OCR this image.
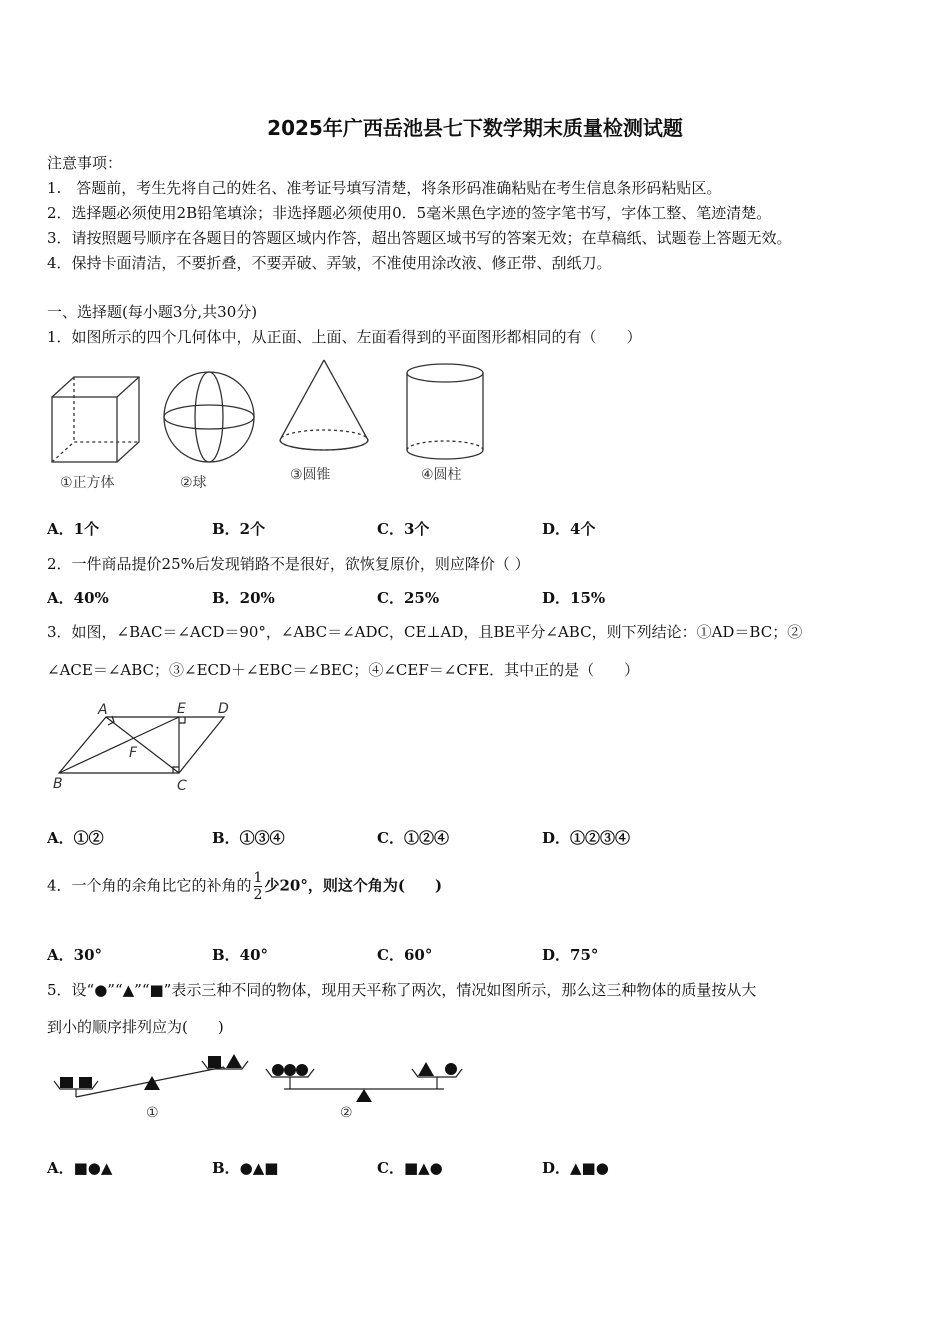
2025年广西岳池县七下数学期末质量检测试题
注意事项：
1.　答题前，考生先将自己的姓名、准考证号填写清楚，将条形码准确粘贴在考生信息条形码粘贴区。
2．选择题必须使用2B铅笔填涂；非选择题必须使用0．5毫米黑色字迹的签字笔书写，字体工整、笔迹清楚。
3．请按照题号顺序在各题目的答题区域内作答，超出答题区域书写的答案无效；在草稿纸、试题卷上答题无效。
4．保持卡面清洁，不要折叠，不要弄破、弄皱，不准使用涂改液、修正带、刮纸刀。
一、选择题(每小题3分,共30分)
1．如图所示的四个几何体中，从正面、上面、左面看得到的平面图形都相同的有（　　）
①正方体	②球	③圆锥	④圆柱
A．1个	B．2个	C．3个	D．4个
2．一件商品提价25%后发现销路不是很好，欲恢复原价，则应降价（ ）
A．40%	B．20%	C．25%	D．15%
3．如图，∠BAC＝∠ACD＝90°，∠ABC＝∠ADC，CE⊥AD，且BE平分∠ABC，则下列结论：①AD＝BC；②
∠ACE＝∠ABC；③∠ECD＋∠EBC＝∠BEC；④∠CEF＝∠CFE．其中正的是（　　）
A	E D
F
B	C
A．①②	B．①③④	C．①②④	D．①②③④
4．一个角的余角比它的补角的 $\frac{1}{2}$ 少20°，则这个角为(　　)
A．30°	B．40°	C．60°	D．75°
5．设“●”“▲”“■”表示三种不同的物体，现用天平称了两次，情况如图所示，那么这三种物体的质量按从大
到小的顺序排列应为(　　)
①	②
A．■●▲	B．●▲■	C．■▲●	D．▲■●
